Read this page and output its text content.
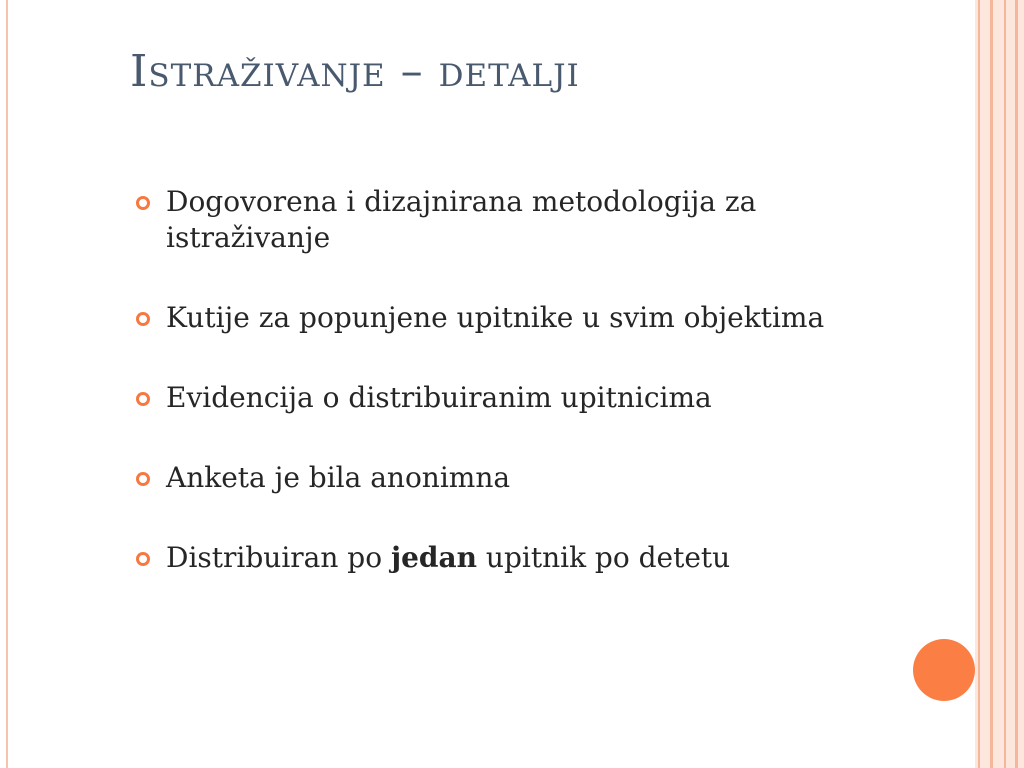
Istraživanje – detalji
Dogovorena i dizajnirana metodologija za istraživanje
Kutije za popunjene upitnike u svim objektima
Evidencija o distribuiranim upitnicima
Anketa je bila anonimna
Distribuiran po jedan upitnik po detetu
